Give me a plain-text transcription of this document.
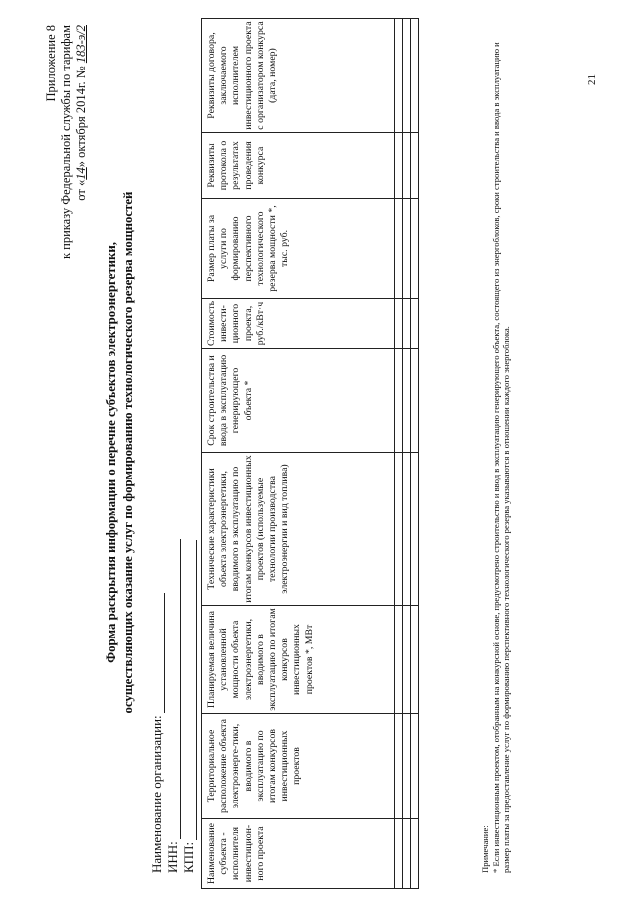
Приложение 8 к приказу Федеральной службы по тарифам от «14» октября 2014г. № 183-э/2
Форма раскрытия информации о перечне субъектов электроэнергетики, осуществляющих оказание услуг по формированию технологического резерва мощностей
Наименование организации: ИНН: КПП: Наименование субъекта - исполнителя инвестицион-ного проекта	Территориальное расположение объекта электроэнерге-тики, вводимого в эксплуатацию по итогам конкурсов инвестиционных проектов	Планируемая величина установленной мощности объекта электроэнергетики, вводимого в эксплуатацию по итогам конкурсов инвестиционных проектов *, МВт	Технические характеристики объекта электроэнергетики, вводимого в эксплуатацию по итогам конкурсов инвестиционных проектов (используемые технологии производства электроэнергии и вид топлива)	Срок строительства и ввода в эксплуатацию генерирующего объекта *	Стоимость инвести-ционного проекта, руб./кВт·ч	Размер платы за услуги по формированию перспективного технологического резерва мощности *, тыс. руб.	Реквизиты протокола о результатах проведения конкурса	Реквизиты договора, заключаемого исполнителем инвестиционного проекта с организатором конкурса (дата, номер)

Примечание: * Если инвестиционным проектом, отобранным на конкурсной основе, предусмотрено строительство и ввод в эксплуатацию генерирующего объекта, состоящего из энергоблоков, сроки строительства и ввода в эксплуатацию и размер платы за предоставление услуг по формированию перспективного технологического резерва указываются в отношении каждого энергоблока.
21
